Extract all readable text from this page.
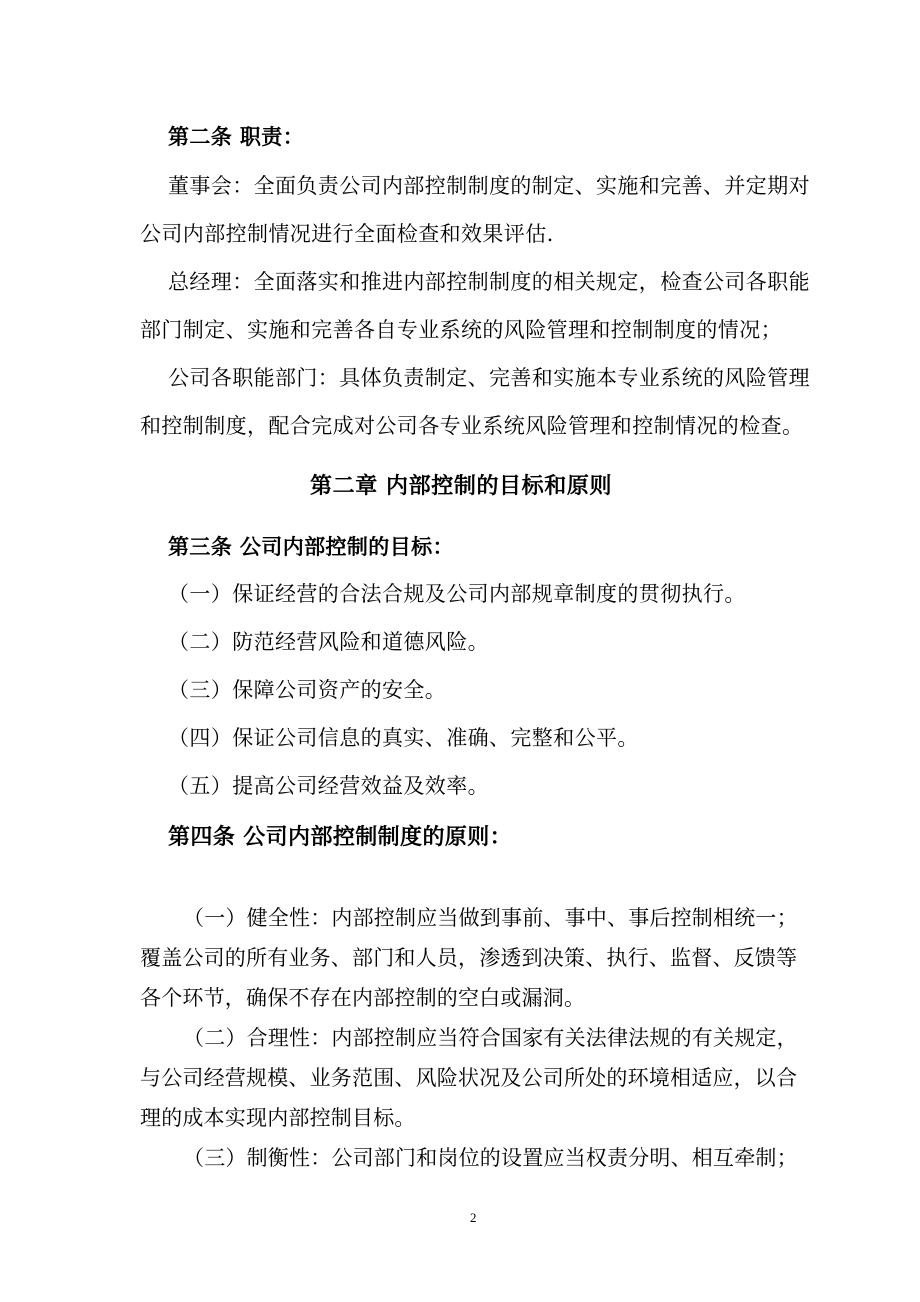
第二条 职责：
董事会：全面负责公司内部控制制度的制定、实施和完善、并定期对
公司内部控制情况进行全面检查和效果评估.
总经理：全面落实和推进内部控制制度的相关规定，检查公司各职能
部门制定、实施和完善各自专业系统的风险管理和控制制度的情况；
公司各职能部门：具体负责制定、完善和实施本专业系统的风险管理
和控制制度，配合完成对公司各专业系统风险管理和控制情况的检查。
第二章 内部控制的目标和原则
第三条 公司内部控制的目标：
（一）保证经营的合法合规及公司内部规章制度的贯彻执行。
（二）防范经营风险和道德风险。
（三）保障公司资产的安全。
（四）保证公司信息的真实、准确、完整和公平。
（五）提高公司经营效益及效率。
第四条 公司内部控制制度的原则：
（一）健全性：内部控制应当做到事前、事中、事后控制相统一；
覆盖公司的所有业务、部门和人员，渗透到决策、执行、监督、反馈等
各个环节，确保不存在内部控制的空白或漏洞。
（二）合理性：内部控制应当符合国家有关法律法规的有关规定，
与公司经营规模、业务范围、风险状况及公司所处的环境相适应，以合
理的成本实现内部控制目标。
（三）制衡性：公司部门和岗位的设置应当权责分明、相互牵制；
2
